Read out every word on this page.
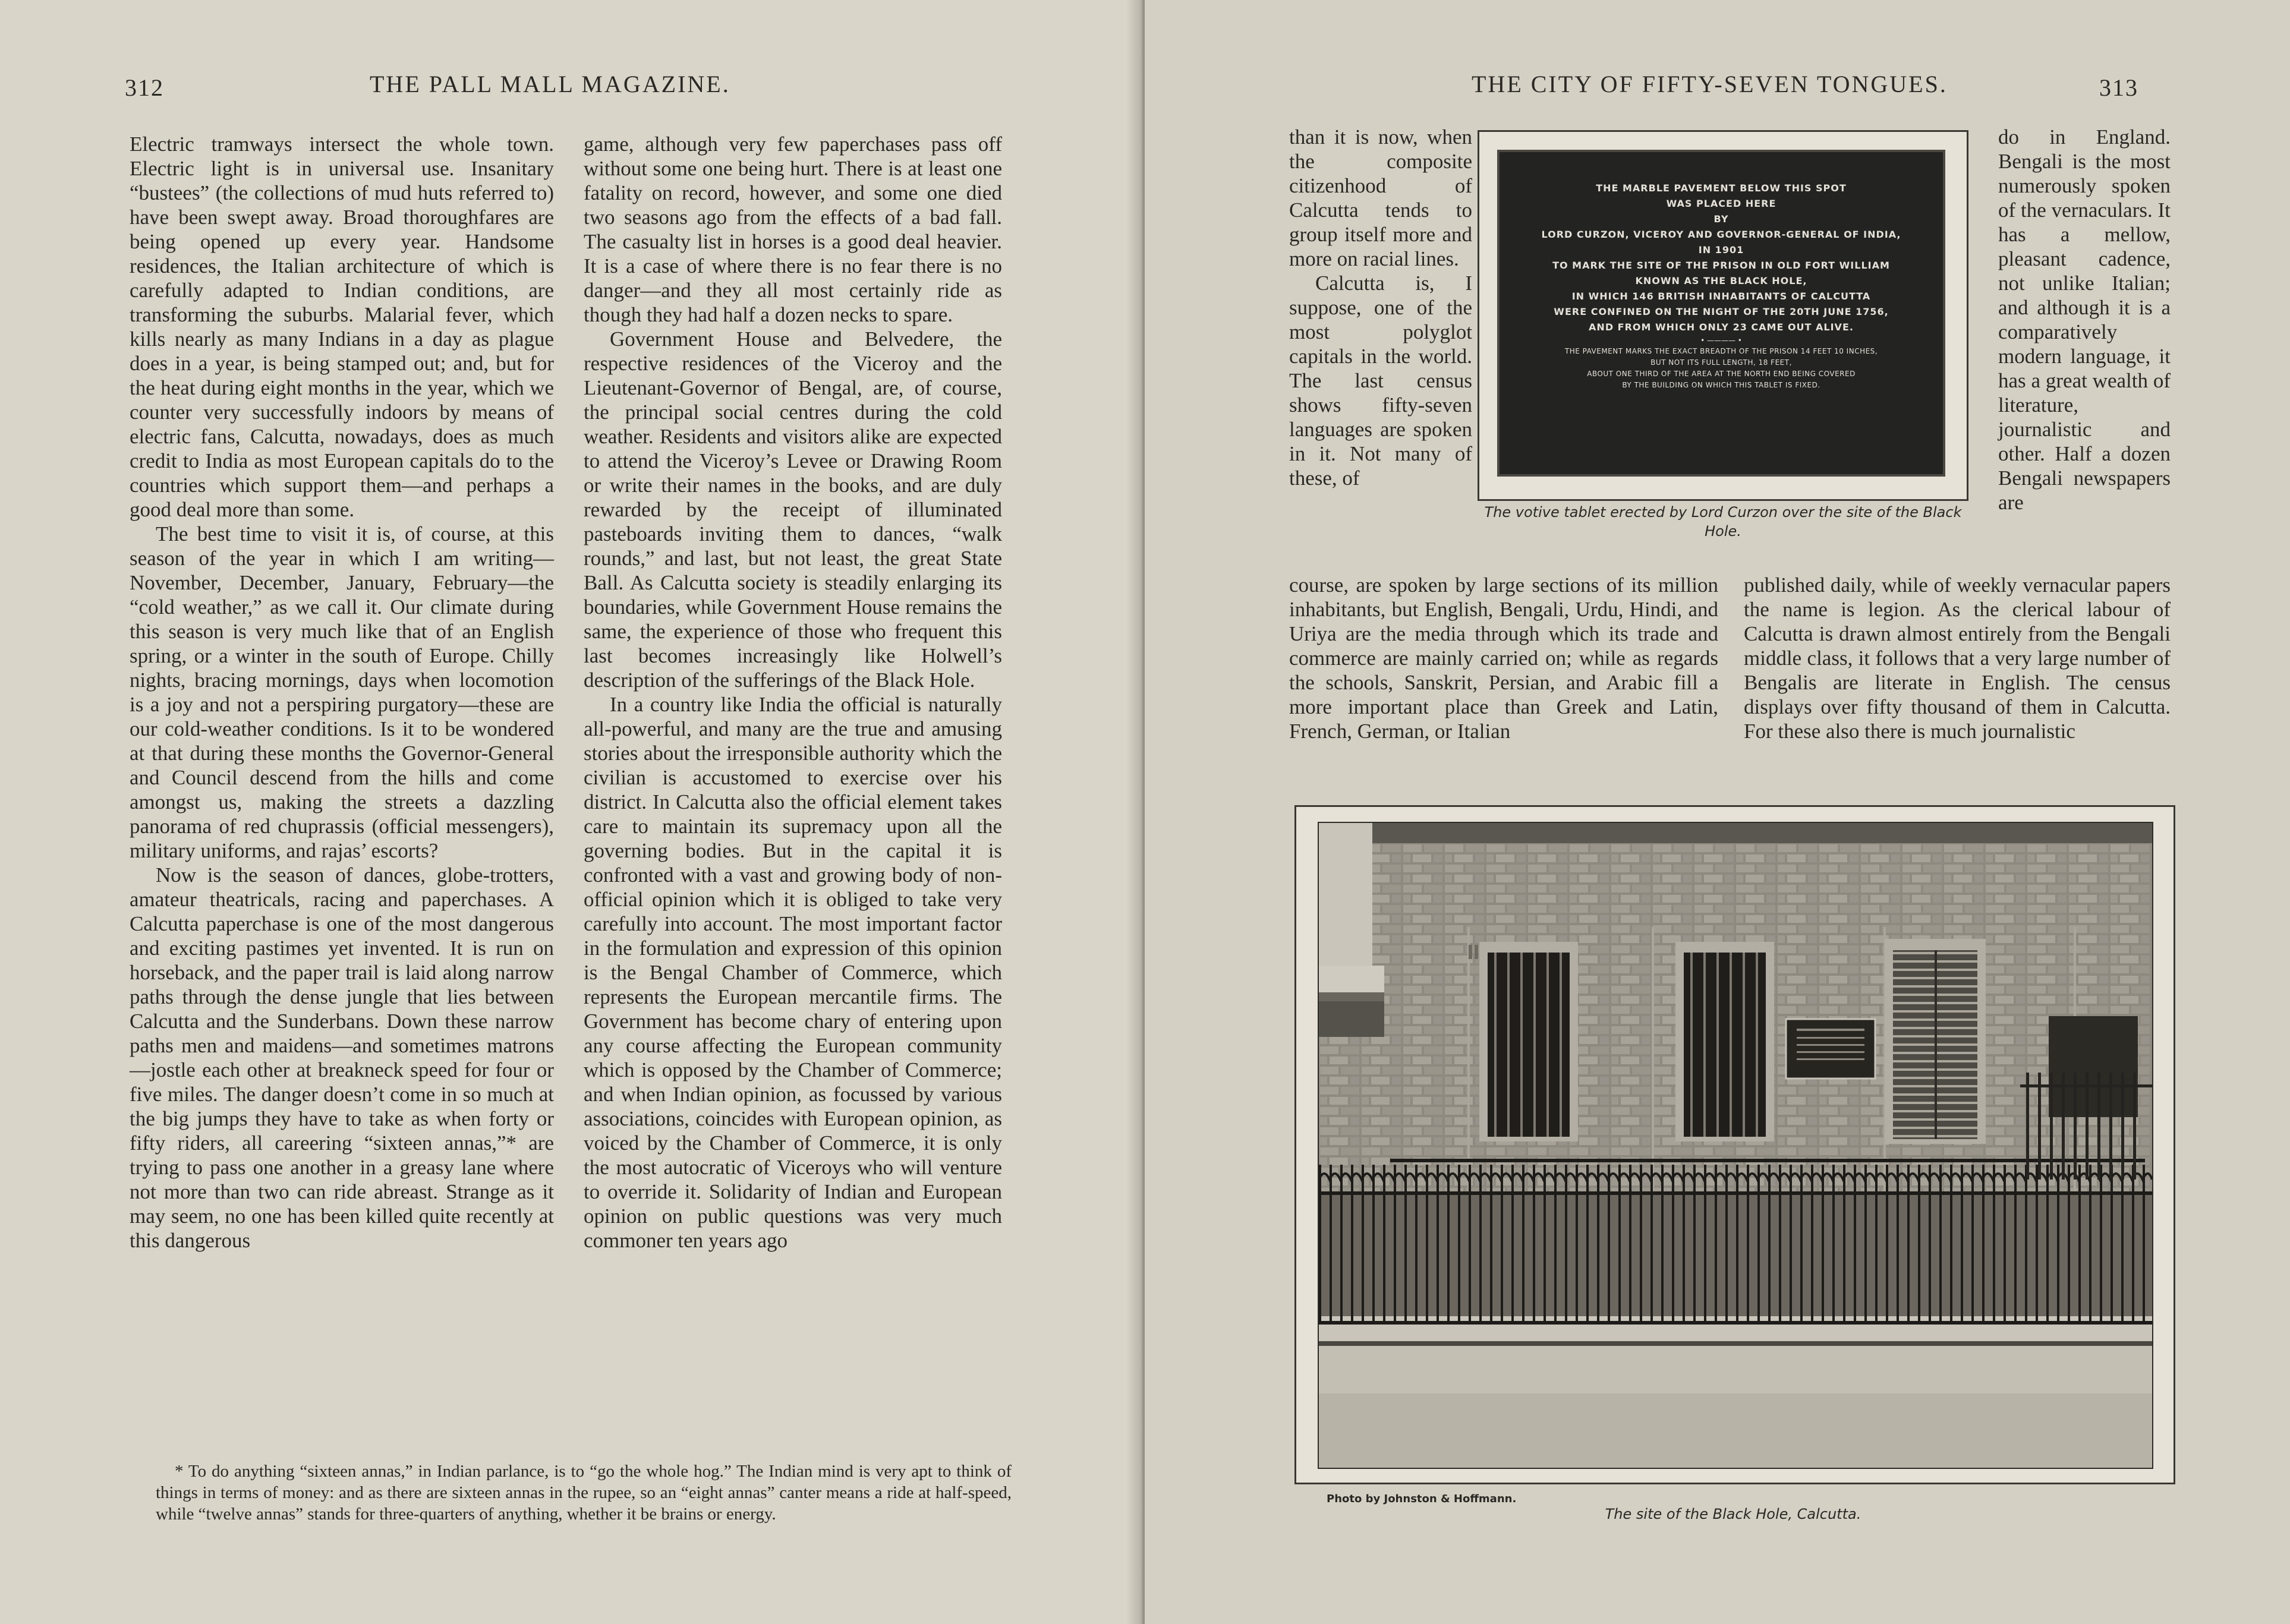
312	THE PALL MALL MAGAZINE.

Electric tramways intersect the whole town. Electric light is in universal use. Insanitary “bustees” (the collections of mud huts referred to) have been swept away. Broad thoroughfares are being opened up every year. Handsome residences, the Italian architecture of which is carefully adapted to Indian conditions, are transforming the suburbs. Malarial fever, which kills nearly as many Indians in a day as plague does in a year, is being stamped out; and, but for the heat during eight months in the year, which we counter very successfully indoors by means of electric fans, Calcutta, nowadays, does as much credit to India as most European capitals do to the countries which support them—and perhaps a good deal more than some.

The best time to visit it is, of course, at this season of the year in which I am writing—November, December, January, February—the “cold weather,” as we call it. Our climate during this season is very much like that of an English spring, or a winter in the south of Europe. Chilly nights, bracing mornings, days when locomotion is a joy and not a perspiring purgatory—these are our cold-weather conditions. Is it to be wondered at that during these months the Governor-General and Council descend from the hills and come amongst us, making the streets a dazzling panorama of red chuprassis (official messengers), military uniforms, and rajas’ escorts?

Now is the season of dances, globe-trotters, amateur theatricals, racing and paperchases. A Calcutta paperchase is one of the most dangerous and exciting pastimes yet invented. It is run on horseback, and the paper trail is laid along narrow paths through the dense jungle that lies between Calcutta and the Sunderbans. Down these narrow paths men and maidens—and sometimes matrons—jostle each other at breakneck speed for four or five miles. The danger doesn’t come in so much at the big jumps they have to take as when forty or fifty riders, all careering “sixteen annas,”* are trying to pass one another in a greasy lane where not more than two can ride abreast. Strange as it may seem, no one has been killed quite recently at this dangerous

game, although very few paperchases pass off without some one being hurt. There is at least one fatality on record, however, and some one died two seasons ago from the effects of a bad fall. The casualty list in horses is a good deal heavier. It is a case of where there is no fear there is no danger—and they all most certainly ride as though they had half a dozen necks to spare.

Government House and Belvedere, the respective residences of the Viceroy and the Lieutenant-Governor of Bengal, are, of course, the principal social centres during the cold weather. Residents and visitors alike are expected to attend the Viceroy’s Levee or Drawing Room or write their names in the books, and are duly rewarded by the receipt of illuminated pasteboards inviting them to dances, “walk rounds,” and last, but not least, the great State Ball. As Calcutta society is steadily enlarging its boundaries, while Government House remains the same, the experience of those who frequent this last becomes increasingly like Holwell’s description of the sufferings of the Black Hole.

In a country like India the official is naturally all-powerful, and many are the true and amusing stories about the irresponsible authority which the civilian is accustomed to exercise over his district. In Calcutta also the official element takes care to maintain its supremacy upon all the governing bodies. But in the capital it is confronted with a vast and growing body of non-official opinion which it is obliged to take very carefully into account. The most important factor in the formulation and expression of this opinion is the Bengal Chamber of Commerce, which represents the European mercantile firms. The Government has become chary of entering upon any course affecting the European community which is opposed by the Chamber of Commerce; and when Indian opinion, as focussed by various associations, coincides with European opinion, as voiced by the Chamber of Commerce, it is only the most autocratic of Viceroys who will venture to override it. Solidarity of Indian and European opinion on public questions was very much commoner ten years ago

* To do anything “sixteen annas,” in Indian parlance, is to “go the whole hog.” The Indian mind is very apt to think of things in terms of money: and as there are sixteen annas in the rupee, so an “eight annas” canter means a ride at half-speed, while “twelve annas” stands for three-quarters of anything, whether it be brains or energy.

THE CITY OF FIFTY-SEVEN TONGUES.	313

than it is now, when the composite citizenhood of Calcutta tends to group itself more and more on racial lines.

Calcutta is, I suppose, one of the most polyglot capitals in the world. The last census shows fifty-seven languages are spoken in it. Not many of these, of

do in England. Bengali is the most numerously spoken of the vernaculars. It has a mellow, pleasant cadence, not unlike Italian; and although it is a comparatively modern language, it has a great wealth of literature, journalistic and other. Half a dozen Bengali newspapers are

course, are spoken by large sections of its million inhabitants, but English, Bengali, Urdu, Hindi, and Uriya are the media through which its trade and commerce are mainly carried on; while as regards the schools, Sanskrit, Persian, and Arabic fill a more important place than Greek and Latin, French, German, or Italian

published daily, while of weekly vernacular papers the name is legion. As the clerical labour of Calcutta is drawn almost entirely from the Bengali middle class, it follows that a very large number of Bengalis are literate in English. The census displays over fifty thousand of them in Calcutta. For these also there is much journalistic

THE MARBLE PAVEMENT BELOW THIS SPOT
WAS PLACED HERE
BY
LORD CURZON, VICEROY AND GOVERNOR-GENERAL OF INDIA,
IN 1901
TO MARK THE SITE OF THE PRISON IN OLD FORT WILLIAM
KNOWN AS THE BLACK HOLE,
IN WHICH 146 BRITISH INHABITANTS OF CALCUTTA
WERE CONFINED ON THE NIGHT OF THE 20TH JUNE 1756,
AND FROM WHICH ONLY 23 CAME OUT ALIVE.
• ———— •
THE PAVEMENT MARKS THE EXACT BREADTH OF THE PRISON 14 FEET 10 INCHES,
BUT NOT ITS FULL LENGTH, 18 FEET,
ABOUT ONE THIRD OF THE AREA AT THE NORTH END BEING COVERED
BY THE BUILDING ON WHICH THIS TABLET IS FIXED.
The votive tablet erected by Lord Curzon over the site of the Black Hole.
Photo by Johnston & Hoffmann.
The site of the Black Hole, Calcutta.
